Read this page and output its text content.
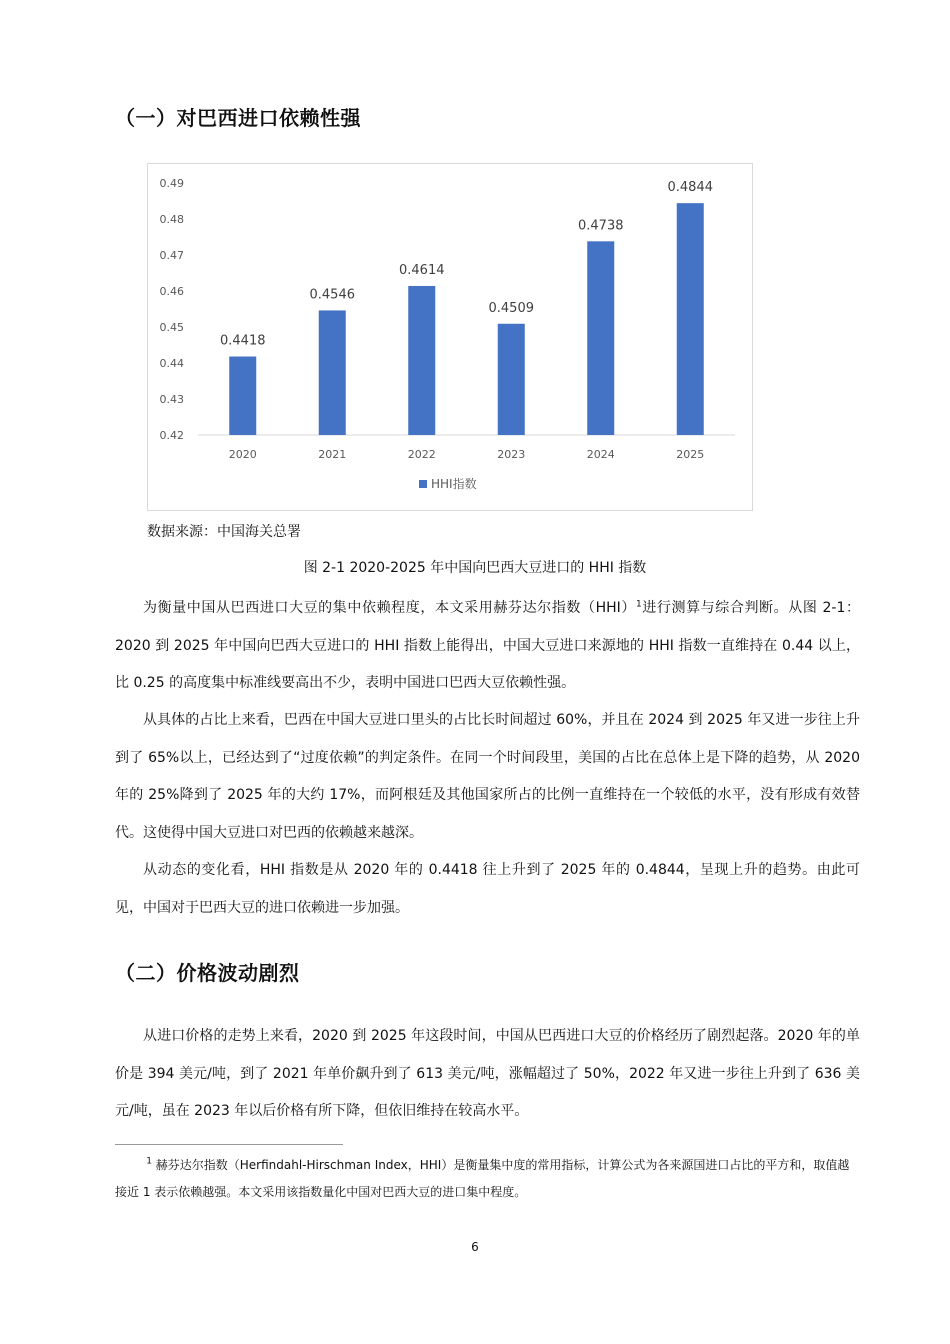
（一）对巴西进口依赖性强
0.42
0.43
0.44
0.45
0.46
0.47
0.48
0.49
0.4418
2020
0.4546
2021
0.4614
2022
0.4509
2023
0.4738
2024
0.4844
2025
HHI指数
数据来源：中国海关总署
图 2-1 2020-2025 年中国向巴西大豆进口的 HHI 指数

为衡量中国从巴西进口大豆的集中依赖程度，本文采用赫芬达尔指数（HHI）$^1$进行测算与综合判断。从图 2-1：2020 到 2025 年中国向巴西大豆进口的 HHI 指数上能得出，中国大豆进口来源地的 HHI 指数一直维持在 0.44 以上，比 0.25 的高度集中标准线要高出不少，表明中国进口巴西大豆依赖性强。

从具体的占比上来看，巴西在中国大豆进口里头的占比长时间超过 60%，并且在 2024 到 2025 年又进一步往上升到了 65%以上，已经达到了“过度依赖”的判定条件。在同一个时间段里，美国的占比在总体上是下降的趋势，从 2020 年的 25%降到了 2025 年的大约 17%，而阿根廷及其他国家所占的比例一直维持在一个较低的水平，没有形成有效替代。这使得中国大豆进口对巴西的依赖越来越深。

从动态的变化看，HHI 指数是从 2020 年的 0.4418 往上升到了 2025 年的 0.4844，呈现上升的趋势。由此可见，中国对于巴西大豆的进口依赖进一步加强。

（二）价格波动剧烈

从进口价格的走势上来看，2020 到 2025 年这段时间，中国从巴西进口大豆的价格经历了剧烈起落。2020 年的单价是 394 美元/吨，到了 2021 年单价飙升到了 613 美元/吨，涨幅超过了 50%，2022 年又进一步往上升到了 636 美元/吨，虽在 2023 年以后价格有所下降，但依旧维持在较高水平。

$^1$ 赫芬达尔指数（Herfindahl-Hirschman Index，HHI）是衡量集中度的常用指标，计算公式为各来源国进口占比的平方和，取值越接近 1 表示依赖越强。本文采用该指数量化中国对巴西大豆的进口集中程度。

6
